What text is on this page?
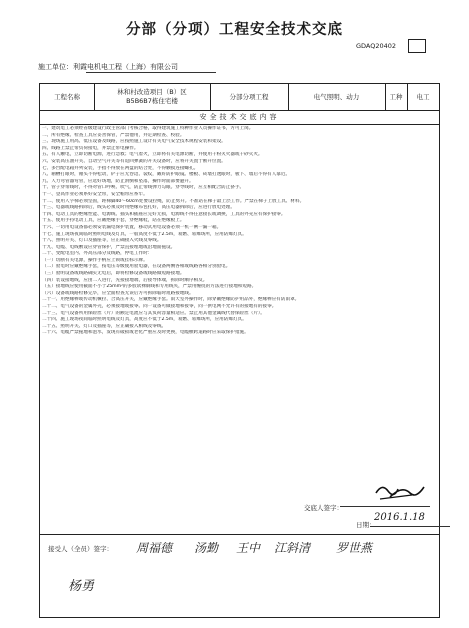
分部（分项）工程安全技术交底
GDAQ20402
施工单位：利霞电机电工程（上海）有限公司
工程名称
林和村改造项目（B）区
B5B6B7栋住宅楼
分部分项工程	电气照明、动力	工种 电工
安全技术交底内容
一、建筑电工必须经省级建设行政主管部门考核合格，取得建筑施工特种作业人员操作证书，方可上岗。
二、所有绝缘、检查工具应妥善保管，严禁他用，并定期检查、校验。
三、现场施工用高、低压设备及线路，应按照施工设计有关电气安全技术规程安装和架设。
四、线路上禁止带负荷接电，并禁止带电操作。
五、有人触电，立即切断电源，进行急救；电气着火，立即将有关电源切断，并使用干粉灭火器或干砂灭火。
六、安装高压油开关、自动空气开关等有返回弹簧的开关设备时，应将开关置于断开位置。
七、多台配电箱并列安装，手指不得放在两盘的结合处，不得触摸连接螺孔。
八、剔槽打眼时，锤头不得松动，铲子应无卷边、裂纹，戴好防护眼镜。楼板、砖墙打透眼时，板下、墙后不得有人靠近。
九、人力弯管器弯管，应选好场地，防止滑倒和坠落，操作时面部要避开。
十、管子穿带线时，不得对管口呼唤、吹气，防止带线弹力勾眼。穿导线时，应互相配合防止挤手。
十一、登高作业必须系好安全带，安全帽带应系牢。
十二、使用人字梯必须坚固，距梯脚40～60cm处要设拉绳，防止劈开。不准站在梯子最上层工作。严禁在梯子上放工具、材料。
十三、电器或线路拆除后，线头必须及时用绝缘布包扎好，高压电器拆除后，应进行放电处理。
十四、电动工具的绝缘性能、电源线、插头和插座应完好无损，电源线不得任意接长或调换，工具的外壳应有保护接零。
十五、使用手持电动工具，应戴绝缘手套，穿绝缘鞋，站在绝缘板上。
十六、一切用电设备都必须安装漏电保护装置，移动式用电设备必须一机一闸一漏一箱。
十七、施工现场夜间临时照明电线及灯具，一般高度不低于2.5m，易燃、易爆场所，应用防爆灯具。
十八、照明开关、灯口及插座等，应正确接入火线及零线。
十九、电缆、电线敷设应穿管保护，严禁直接埋地或沿地面拖设。
二十、变配电室内、外高压部分及线路，停电工作时：
（一）切断有关电源，操作手柄应上锁或挂标示牌。
（二）验电时应戴绝缘手套，按电压等级使用验电器，在设备两侧各相或线路各相分别验电。
（三）验明设备或线路确实无电后，即将检修设备或线路做短路接地。
（四）装设接地线，应由二人进行，先接接地端，后接导体端，拆除时顺序相反。
（五）接地线应使用截面不小于25mm²的多股软裸铜线和专用线夹，严禁用缠绕的方法进行接地和短路。
（六）设备或线路检修完毕，应全面检查无误后方可拆除临时短路接地线。
二十一、用绝缘棒或传动机械拉、合高压开关，应戴绝缘手套。雨天室外操作时，除穿戴绝缘防护用品外，绝缘棒应有防雨罩。
二十二、电气设备的金属外壳，必须接地或接零。同一设备可做接地和接零，同一供电网不允许有的接地有的接零。
二十三、电气设备所用保险丝（片）的额定电流应与其负荷容量相适应。禁止用其他金属线代替保险丝（片）。
二十四、施工现场夜间临时照明电线及灯具，高度应不低于2.5m，易燃、易爆场所，应用防爆灯具。
二十五、照明开关、灯口及插座等，应正确接入相线及零线。
二十六、电缆严禁拖地和泡水，发现有破损或老化严重应及时更换，电缆横跨道路时应采取保护措施。
交底人签字：
日期：
2016.1.18
接受人（全员）签字： 周福德 汤勤 王中 江斜清 罗世燕
杨勇
